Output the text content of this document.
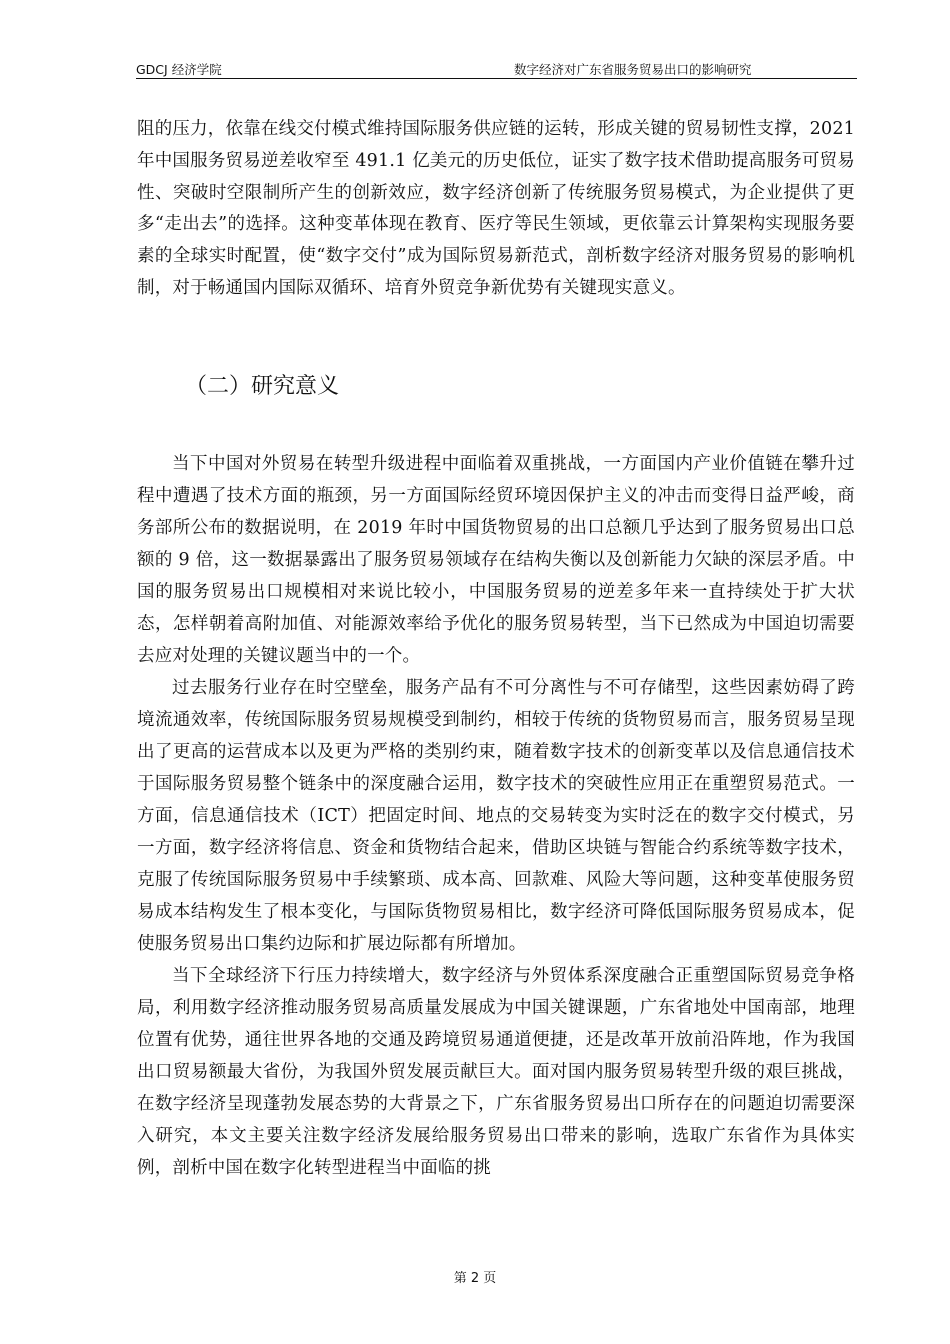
GDCJ 经济学院	数字经济对广东省服务贸易出口的影响研究

阻的压力，依靠在线交付模式维持国际服务供应链的运转，形成关键的贸易韧性支撑，2021 年中国服务贸易逆差收窄至 491.1 亿美元的历史低位，证实了数字技术借助提高服务可贸易性、突破时空限制所产生的创新效应，数字经济创新了传统服务贸易模式，为企业提供了更多“走出去”的选择。这种变革体现在教育、医疗等民生领域，更依靠云计算架构实现服务要素的全球实时配置，使“数字交付”成为国际贸易新范式，剖析数字经济对服务贸易的影响机制，对于畅通国内国际双循环、培育外贸竞争新优势有关键现实意义。

（二）研究意义

当下中国对外贸易在转型升级进程中面临着双重挑战，一方面国内产业价值链在攀升过程中遭遇了技术方面的瓶颈，另一方面国际经贸环境因保护主义的冲击而变得日益严峻，商务部所公布的数据说明，在 2019 年时中国货物贸易的出口总额几乎达到了服务贸易出口总额的 9 倍，这一数据暴露出了服务贸易领域存在结构失衡以及创新能力欠缺的深层矛盾。中国的服务贸易出口规模相对来说比较小，中国服务贸易的逆差多年来一直持续处于扩大状态，怎样朝着高附加值、对能源效率给予优化的服务贸易转型，当下已然成为中国迫切需要去应对处理的关键议题当中的一个。

过去服务行业存在时空壁垒，服务产品有不可分离性与不可存储型，这些因素妨碍了跨境流通效率，传统国际服务贸易规模受到制约，相较于传统的货物贸易而言，服务贸易呈现出了更高的运营成本以及更为严格的类别约束，随着数字技术的创新变革以及信息通信技术于国际服务贸易整个链条中的深度融合运用，数字技术的突破性应用正在重塑贸易范式。一方面，信息通信技术（ICT）把固定时间、地点的交易转变为实时泛在的数字交付模式，另一方面，数字经济将信息、资金和货物结合起来，借助区块链与智能合约系统等数字技术，克服了传统国际服务贸易中手续繁琐、成本高、回款难、风险大等问题，这种变革使服务贸易成本结构发生了根本变化，与国际货物贸易相比，数字经济可降低国际服务贸易成本，促使服务贸易出口集约边际和扩展边际都有所增加。

当下全球经济下行压力持续增大，数字经济与外贸体系深度融合正重塑国际贸易竞争格局，利用数字经济推动服务贸易高质量发展成为中国关键课题，广东省地处中国南部，地理位置有优势，通往世界各地的交通及跨境贸易通道便捷，还是改革开放前沿阵地，作为我国出口贸易额最大省份，为我国外贸发展贡献巨大。面对国内服务贸易转型升级的艰巨挑战，在数字经济呈现蓬勃发展态势的大背景之下，广东省服务贸易出口所存在的问题迫切需要深入研究，本文主要关注数字经济发展给服务贸易出口带来的影响，选取广东省作为具体实例，剖析中国在数字化转型进程当中面临的挑

第 2 页
